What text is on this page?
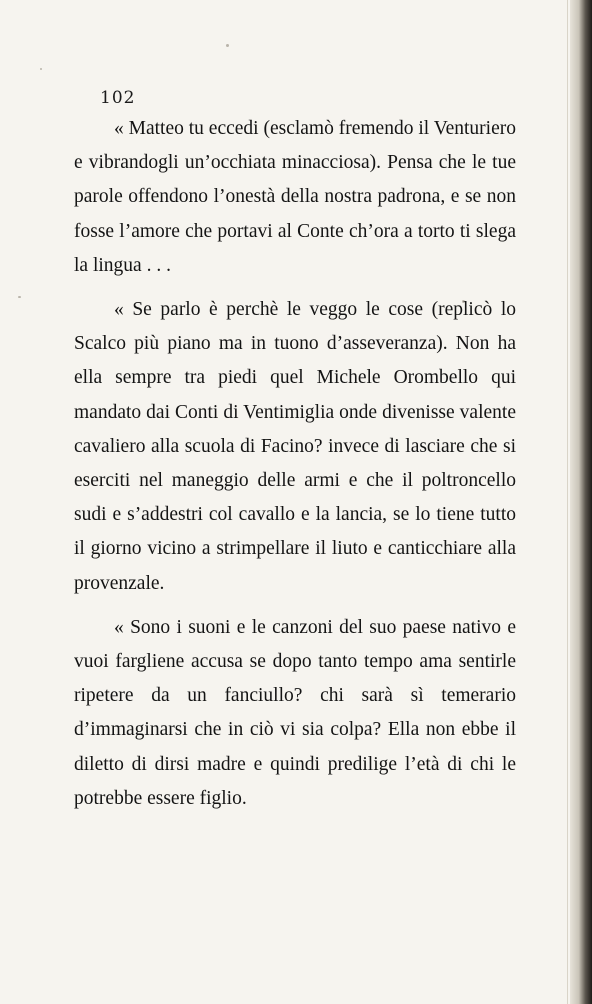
102

« Matteo tu eccedi (esclamò fremendo il Venturiero e vibrandogli un’occhiata minacciosa). Pensa che le tue parole offendono l’onestà della nostra padrona, e se non fosse l’amore che portavi al Conte ch’ora a torto ti slega la lingua . . .

« Se parlo è perchè le veggo le cose (replicò lo Scalco più piano ma in tuono d’asseveranza). Non ha ella sempre tra piedi quel Michele Orombello qui mandato dai Conti di Ventimiglia onde divenisse valente cavaliero alla scuola di Facino? invece di lasciare che si eserciti nel maneggio delle armi e che il poltroncello sudi e s’addestri col cavallo e la lancia, se lo tiene tutto il giorno vicino a strimpellare il liuto e canticchiare alla provenzale.

« Sono i suoni e le canzoni del suo paese nativo e vuoi fargliene accusa se dopo tanto tempo ama sentirle ripetere da un fanciullo? chi sarà sì temerario d’immaginarsi che in ciò vi sia colpa? Ella non ebbe il diletto di dirsi madre e quindi predilige l’età di chi le potrebbe essere figlio.
